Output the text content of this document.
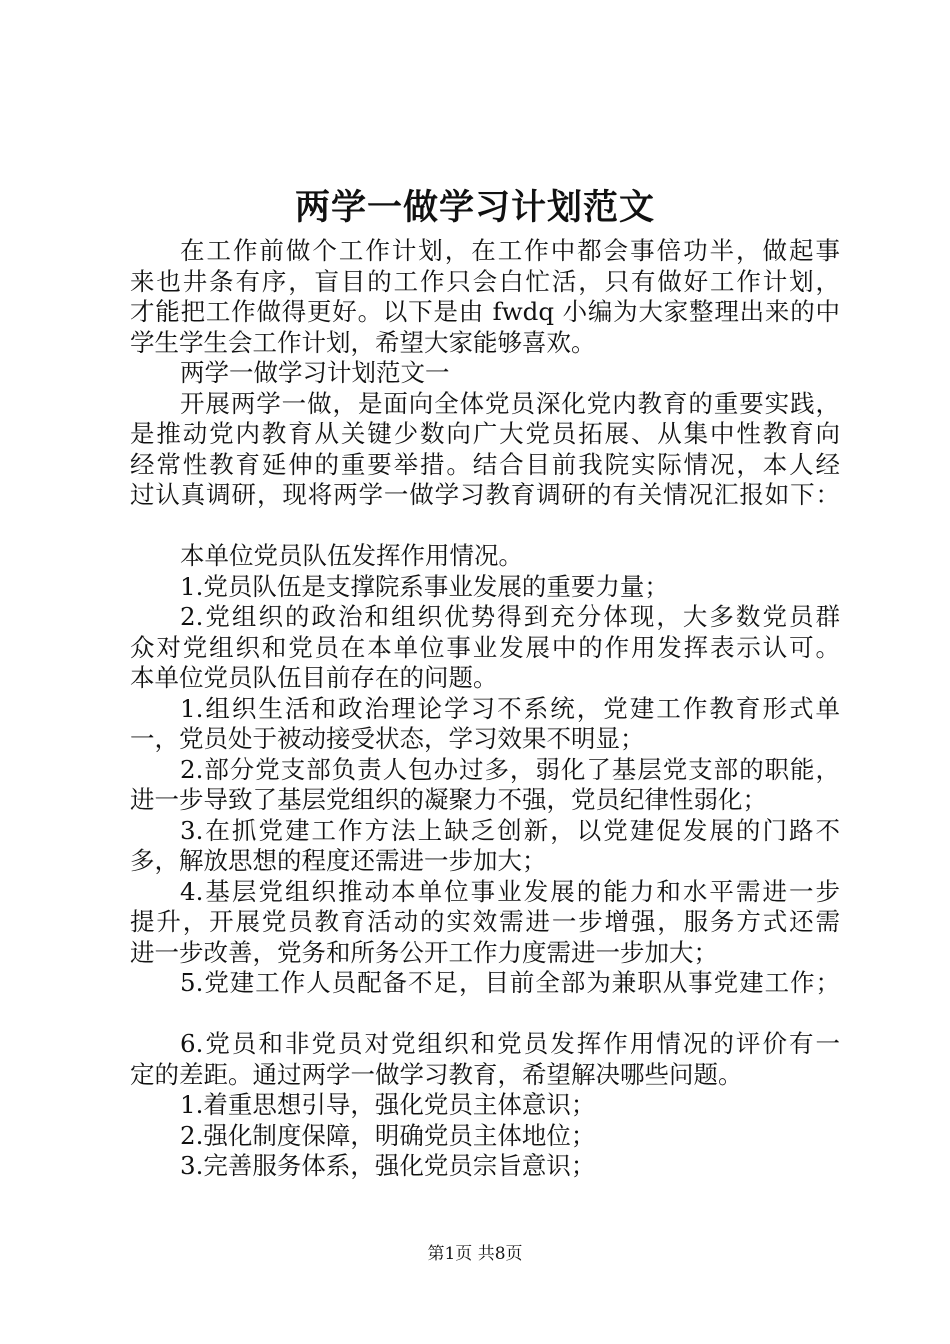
两学一做学习计划范文
在工作前做个工作计划，在工作中都会事倍功半，做起事
来也井条有序，盲目的工作只会白忙活，只有做好工作计划，
才能把工作做得更好。以下是由 fwdq 小编为大家整理出来的中
学生学生会工作计划，希望大家能够喜欢。
两学一做学习计划范文一
开展两学一做，是面向全体党员深化党内教育的重要实践，
是推动党内教育从关键少数向广大党员拓展、从集中性教育向
经常性教育延伸的重要举措。结合目前我院实际情况，本人经
过认真调研，现将两学一做学习教育调研的有关情况汇报如下：
本单位党员队伍发挥作用情况。
1.党员队伍是支撑院系事业发展的重要力量；
2.党组织的政治和组织优势得到充分体现，大多数党员群
众对党组织和党员在本单位事业发展中的作用发挥表示认可。
本单位党员队伍目前存在的问题。
1.组织生活和政治理论学习不系统，党建工作教育形式单
一，党员处于被动接受状态，学习效果不明显；
2.部分党支部负责人包办过多，弱化了基层党支部的职能，
进一步导致了基层党组织的凝聚力不强，党员纪律性弱化；
3.在抓党建工作方法上缺乏创新，以党建促发展的门路不
多，解放思想的程度还需进一步加大；
4.基层党组织推动本单位事业发展的能力和水平需进一步
提升，开展党员教育活动的实效需进一步增强，服务方式还需
进一步改善，党务和所务公开工作力度需进一步加大；
5.党建工作人员配备不足，目前全部为兼职从事党建工作；
6.党员和非党员对党组织和党员发挥作用情况的评价有一
定的差距。通过两学一做学习教育，希望解决哪些问题。
1.着重思想引导，强化党员主体意识；
2.强化制度保障，明确党员主体地位；
3.完善服务体系，强化党员宗旨意识；
第1页 共8页
